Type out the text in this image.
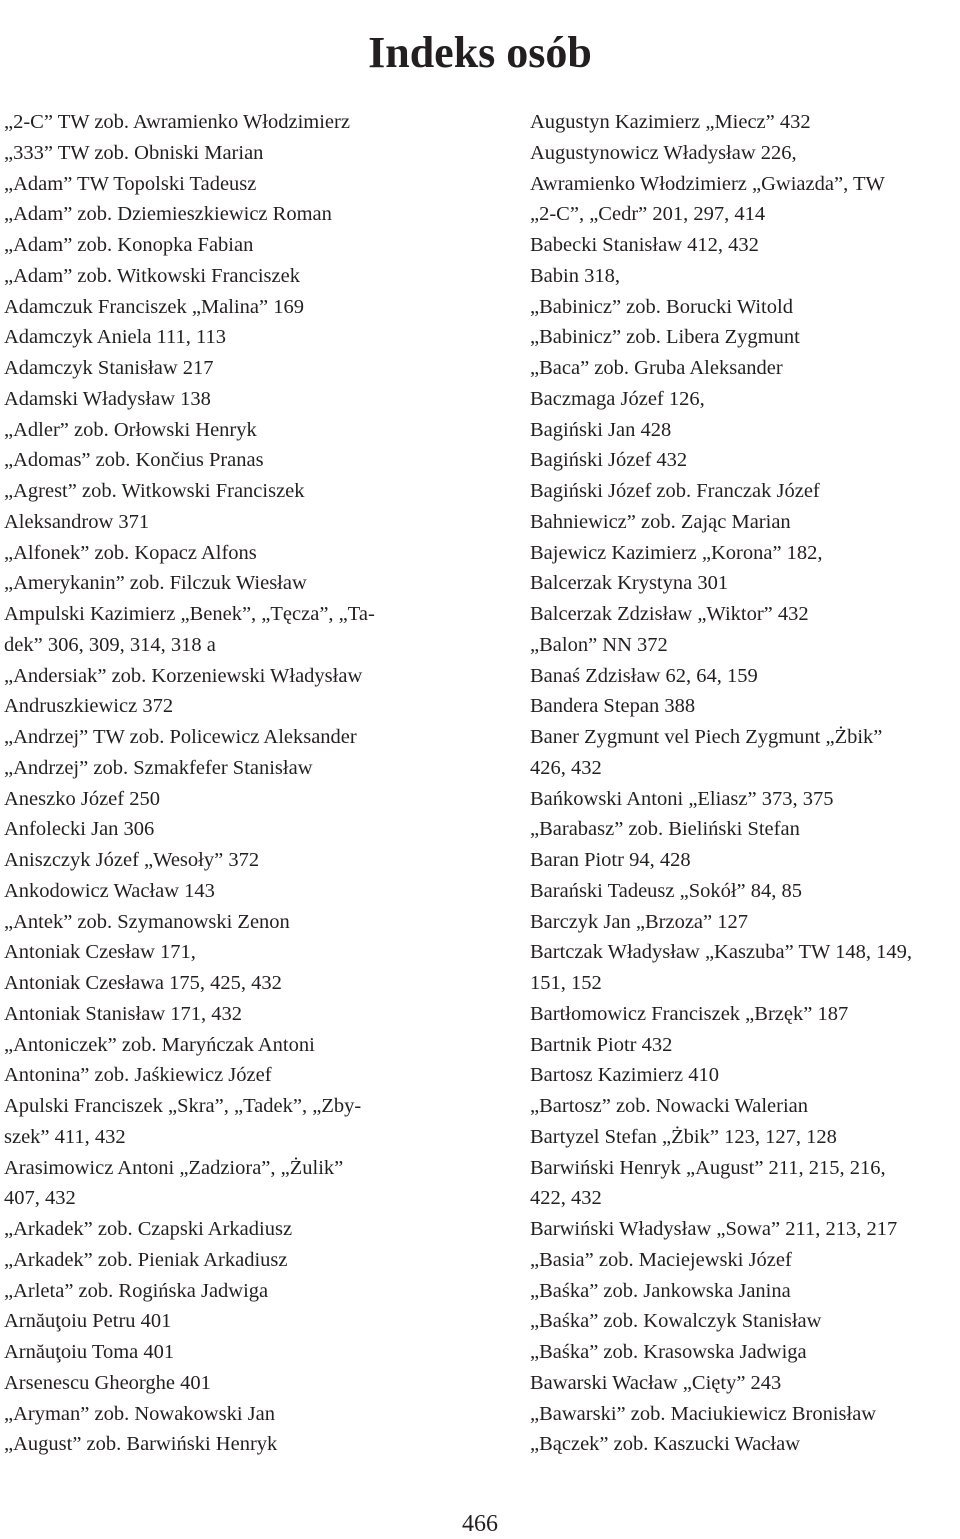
Indeks osób
„2-C” TW zob. Awramienko Włodzimierz
„333” TW zob. Obniski Marian
„Adam” TW Topolski Tadeusz
„Adam” zob. Dziemieszkiewicz Roman
„Adam” zob. Konopka Fabian
„Adam” zob. Witkowski Franciszek
Adamczuk Franciszek „Malina” 169
Adamczyk Aniela 111, 113
Adamczyk Stanisław 217
Adamski Władysław 138
„Adler” zob. Orłowski Henryk
„Adomas” zob. Končius Pranas
„Agrest” zob. Witkowski Franciszek
Aleksandrow 371
„Alfonek” zob. Kopacz Alfons
„Amerykanin” zob. Filczuk Wiesław
Ampulski Kazimierz „Benek”, „Tęcza”, „Ta-
dek” 306, 309, 314, 318 a
„Andersiak” zob. Korzeniewski Władysław
Andruszkiewicz 372
„Andrzej” TW zob. Policewicz Aleksander
„Andrzej” zob. Szmakfefer Stanisław
Aneszko Józef 250
Anfolecki Jan 306
Aniszczyk Józef „Wesoły” 372
Ankodowicz Wacław 143
„Antek” zob. Szymanowski Zenon
Antoniak Czesław 171,
Antoniak Czesława 175, 425, 432
Antoniak Stanisław 171, 432
„Antoniczek” zob. Maryńczak Antoni
Antonina” zob. Jaśkiewicz Józef
Apulski Franciszek „Skra”, „Tadek”, „Zby-
szek” 411, 432
Arasimowicz Antoni „Zadziora”, „Żulik”
407, 432
„Arkadek” zob. Czapski Arkadiusz
„Arkadek” zob. Pieniak Arkadiusz
„Arleta” zob. Rogińska Jadwiga
Arnăuţoiu Petru 401
Arnăuţoiu Toma 401
Arsenescu Gheorghe 401
„Aryman” zob. Nowakowski Jan
„August” zob. Barwiński Henryk
Augustyn Kazimierz „Miecz” 432
Augustynowicz Władysław 226,
Awramienko Włodzimierz „Gwiazda”, TW
„2-C”, „Cedr” 201, 297, 414
Babecki Stanisław 412, 432
Babin 318,
„Babinicz” zob. Borucki Witold
„Babinicz” zob. Libera Zygmunt
„Baca” zob. Gruba Aleksander
Baczmaga Józef 126,
Bagiński Jan 428
Bagiński Józef 432
Bagiński Józef zob. Franczak Józef
Bahniewicz” zob. Zając Marian
Bajewicz Kazimierz „Korona” 182,
Balcerzak Krystyna 301
Balcerzak Zdzisław „Wiktor” 432
„Balon” NN 372
Banaś Zdzisław 62, 64, 159
Bandera Stepan 388
Baner Zygmunt vel Piech Zygmunt „Żbik”
426, 432
Bańkowski Antoni „Eliasz” 373, 375
„Barabasz” zob. Bieliński Stefan
Baran Piotr 94, 428
Barański Tadeusz „Sokół” 84, 85
Barczyk Jan „Brzoza” 127
Bartczak Władysław „Kaszuba” TW 148, 149,
151, 152
Bartłomowicz Franciszek „Brzęk” 187
Bartnik Piotr 432
Bartosz Kazimierz 410
„Bartosz” zob. Nowacki Walerian
Bartyzel Stefan „Żbik” 123, 127, 128
Barwiński Henryk „August” 211, 215, 216,
422, 432
Barwiński Władysław „Sowa” 211, 213, 217
„Basia” zob. Maciejewski Józef
„Baśka” zob. Jankowska Janina
„Baśka” zob. Kowalczyk Stanisław
„Baśka” zob. Krasowska Jadwiga
Bawarski Wacław „Cięty” 243
„Bawarski” zob. Maciukiewicz Bronisław
„Bączek” zob. Kaszucki Wacław
466
